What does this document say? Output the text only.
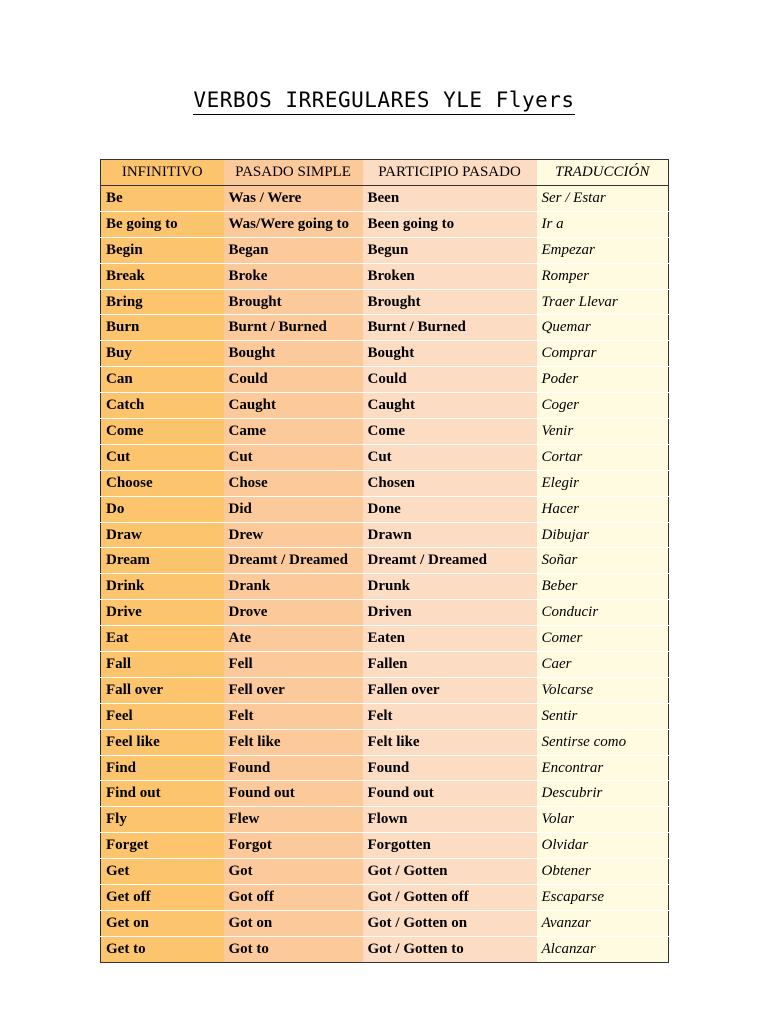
VERBOS IRREGULARES YLE Flyers
INFINITIVO	PASADO SIMPLE	PARTICIPIO PASADO	TRADUCCIÓN
Be	Was / Were	Been	Ser / Estar
Be going to	Was/Were going to	Been going to	Ir a
Begin	Began	Begun	Empezar
Break	Broke	Broken	Romper
Bring	Brought	Brought	Traer Llevar
Burn	Burnt / Burned	Burnt / Burned	Quemar
Buy	Bought	Bought	Comprar
Can	Could	Could	Poder
Catch	Caught	Caught	Coger
Come	Came	Come	Venir
Cut	Cut	Cut	Cortar
Choose	Chose	Chosen	Elegir
Do	Did	Done	Hacer
Draw	Drew	Drawn	Dibujar
Dream	Dreamt / Dreamed	Dreamt / Dreamed	Soñar
Drink	Drank	Drunk	Beber
Drive	Drove	Driven	Conducir
Eat	Ate	Eaten	Comer
Fall	Fell	Fallen	Caer
Fall over	Fell over	Fallen over	Volcarse
Feel	Felt	Felt	Sentir
Feel like	Felt like	Felt like	Sentirse como
Find	Found	Found	Encontrar
Find out	Found out	Found out	Descubrir
Fly	Flew	Flown	Volar
Forget	Forgot	Forgotten	Olvidar
Get	Got	Got / Gotten	Obtener
Get off	Got off	Got / Gotten off	Escaparse
Get on	Got on	Got / Gotten on	Avanzar
Get to	Got to	Got / Gotten to	Alcanzar
